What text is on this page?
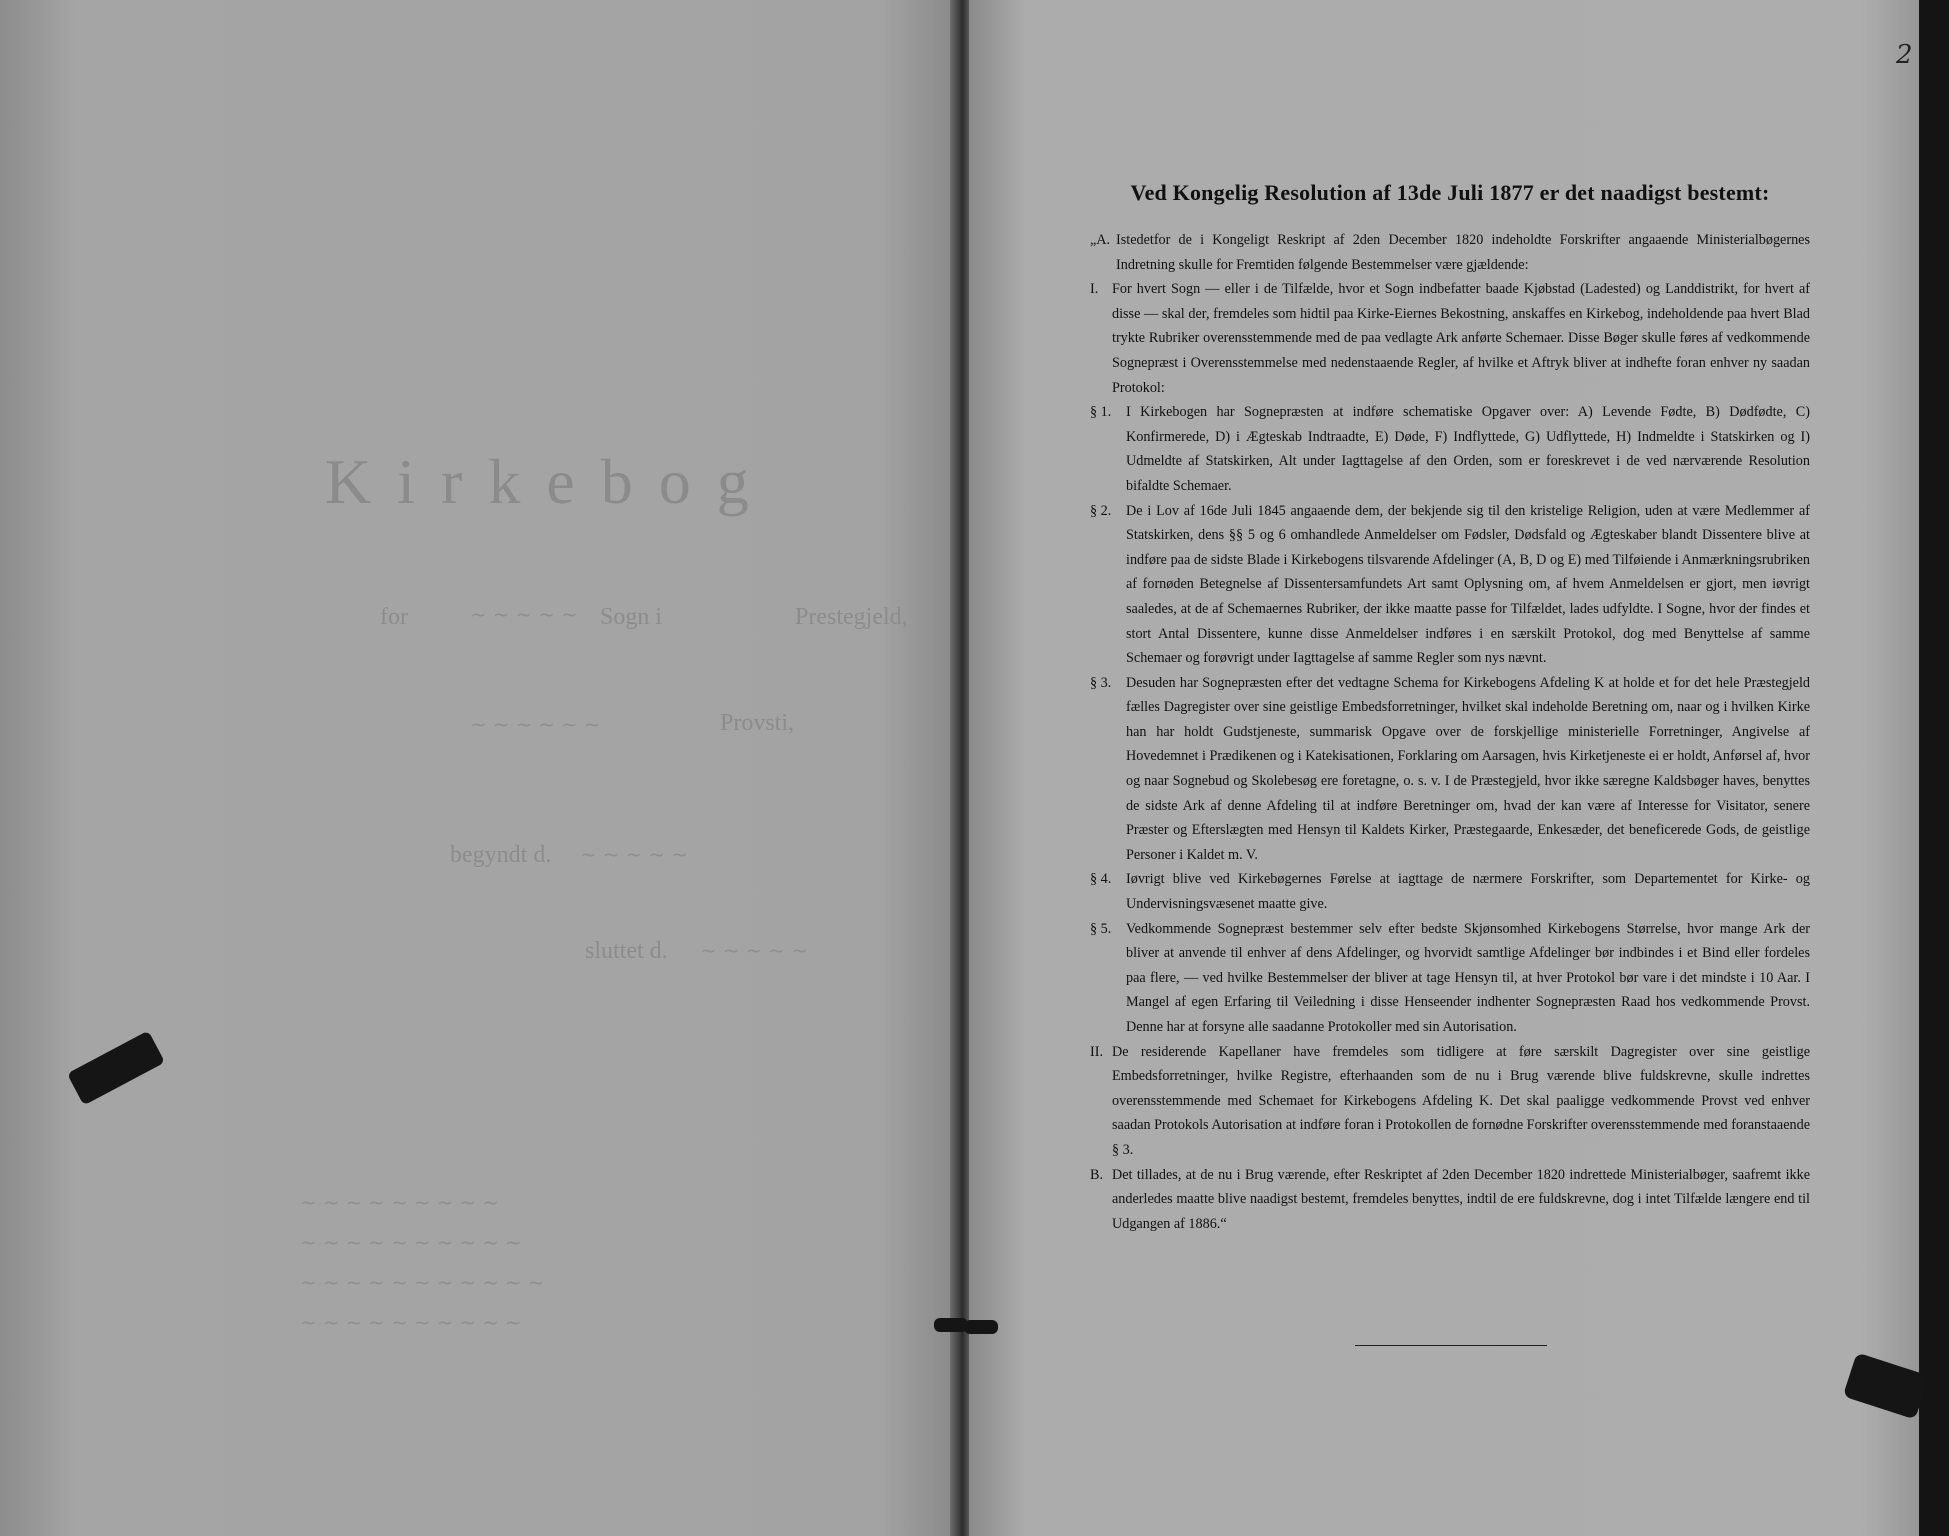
Kirkebog
for	Sogn i	Prestegjeld,
Provsti,
begyndt d.
sluttet d.
~~~~~
~~~~~~
~~~~~
~~~~~
~~~~~~~~~
~~~~~~~~~~
~~~~~~~~~~~
~~~~~~~~~~
2
Ved Kongelig Resolution af 13de Juli 1877 er det naadigst bestemt:

„A. Istedetfor de i Kongeligt Reskript af 2den December 1820 indeholdte Forskrifter angaaende Ministerialbøgernes Indretning skulle for Fremtiden følgende Bestemmelser være gjældende:

I. For hvert Sogn — eller i de Tilfælde, hvor et Sogn indbefatter baade Kjøbstad (Ladested) og Landdistrikt, for hvert af disse — skal der, fremdeles som hidtil paa Kirke-Eiernes Bekostning, anskaffes en Kirkebog, indeholdende paa hvert Blad trykte Rubriker overensstemmende med de paa vedlagte Ark anførte Schemaer. Disse Bøger skulle føres af vedkommende Sognepræst i Overensstemmelse med nedenstaaende Regler, af hvilke et Aftryk bliver at indhefte foran enhver ny saadan Protokol:

§ 1.	I Kirkebogen har Sognepræsten at indføre schematiske Opgaver over: A) Levende Fødte, B) Dødfødte, C) Konfirmerede, D) i Ægteskab Indtraadte, E) Døde, F) Indflyttede, G) Udflyttede, H) Indmeldte i Statskirken og I) Udmeldte af Statskirken, Alt under Iagttagelse af den Orden, som er foreskrevet i de ved nærværende Resolution bifaldte Schemaer.

§ 2.	De i Lov af 16de Juli 1845 angaaende dem, der bekjende sig til den kristelige Religion, uden at være Medlemmer af Statskirken, dens §§ 5 og 6 omhandlede Anmeldelser om Fødsler, Dødsfald og Ægteskaber blandt Dissentere blive at indføre paa de sidste Blade i Kirkebogens tilsvarende Afdelinger (A, B, D og E) med Tilføiende i Anmærkningsrubriken af fornøden Betegnelse af Dissentersamfundets Art samt Oplysning om, af hvem Anmeldelsen er gjort, men iøvrigt saaledes, at de af Schemaernes Rubriker, der ikke maatte passe for Tilfældet, lades udfyldte. I Sogne, hvor der findes et stort Antal Dissentere, kunne disse Anmeldelser indføres i en særskilt Protokol, dog med Benyttelse af samme Schemaer og forøvrigt under Iagttagelse af samme Regler som nys nævnt.

§ 3.	Desuden har Sognepræsten efter det vedtagne Schema for Kirkebogens Afdeling K at holde et for det hele Præstegjeld fælles Dagregister over sine geistlige Embedsforretninger, hvilket skal indeholde Beretning om, naar og i hvilken Kirke han har holdt Gudstjeneste, summarisk Opgave over de forskjellige ministerielle Forretninger, Angivelse af Hovedemnet i Prædikenen og i Katekisationen, Forklaring om Aarsagen, hvis Kirketjeneste ei er holdt, Anførsel af, hvor og naar Sognebud og Skolebesøg ere foretagne, o. s. v. I de Præstegjeld, hvor ikke særegne Kaldsbøger haves, benyttes de sidste Ark af denne Afdeling til at indføre Beretninger om, hvad der kan være af Interesse for Visitator, senere Præster og Efterslægten med Hensyn til Kaldets Kirker, Præstegaarde, Enkesæder, det beneficerede Gods, de geistlige Personer i Kaldet m. V.

§ 4.	Iøvrigt blive ved Kirkebøgernes Førelse at iagttage de nærmere Forskrifter, som Departementet for Kirke- og Undervisningsvæsenet maatte give.

§ 5.	Vedkommende Sognepræst bestemmer selv efter bedste Skjønsomhed Kirkebogens Størrelse, hvor mange Ark der bliver at anvende til enhver af dens Afdelinger, og hvorvidt samtlige Afdelinger bør indbindes i et Bind eller fordeles paa flere, — ved hvilke Bestemmelser der bliver at tage Hensyn til, at hver Protokol bør vare i det mindste i 10 Aar. I Mangel af egen Erfaring til Veiledning i disse Henseender indhenter Sognepræsten Raad hos vedkommende Provst. Denne har at forsyne alle saadanne Protokoller med sin Autorisation.

II. De residerende Kapellaner have fremdeles som tidligere at føre særskilt Dagregister over sine geistlige Embedsforretninger, hvilke Registre, efterhaanden som de nu i Brug værende blive fuldskrevne, skulle indrettes overensstemmende med Schemaet for Kirkebogens Afdeling K. Det skal paaligge vedkommende Provst ved enhver saadan Protokols Autorisation at indføre foran i Protokollen de fornødne Forskrifter overensstemmende med foranstaaende § 3.

B. Det tillades, at de nu i Brug værende, efter Reskriptet af 2den December 1820 indrettede Ministerialbøger, saafremt ikke anderledes maatte blive naadigst bestemt, fremdeles benyttes, indtil de ere fuldskrevne, dog i intet Tilfælde længere end til Udgangen af 1886.“
